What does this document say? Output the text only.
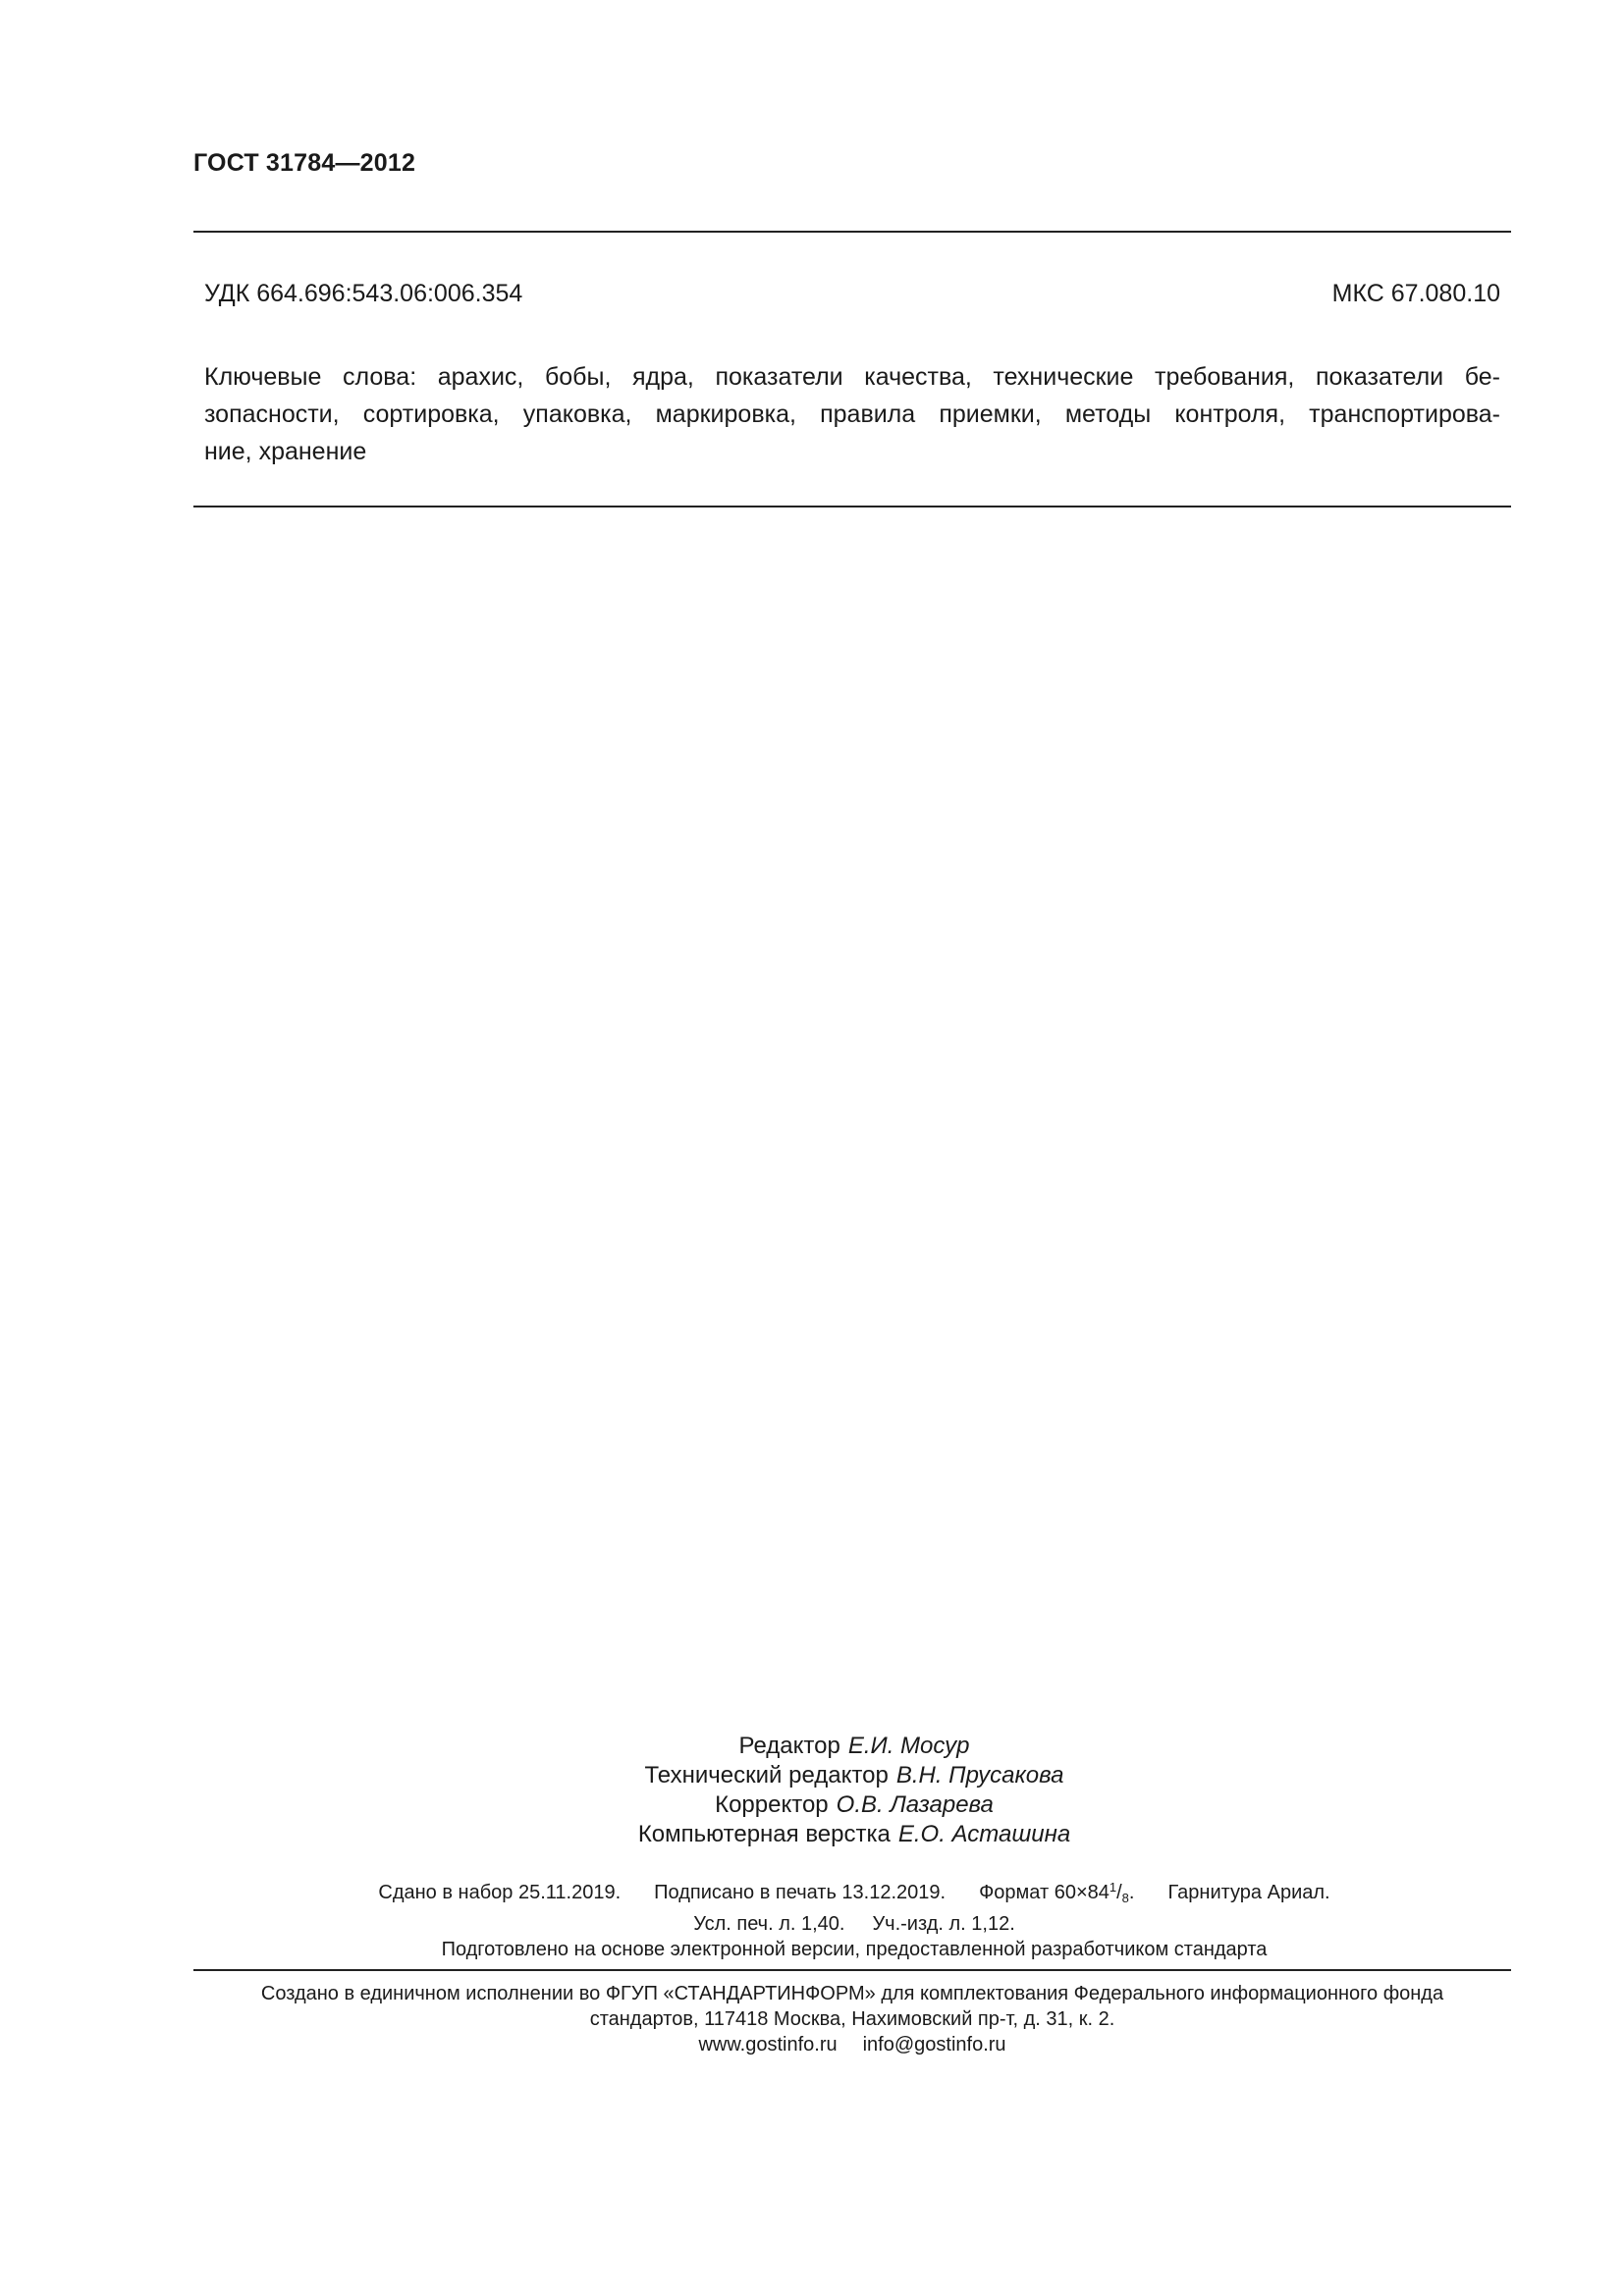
ГОСТ 31784—2012
УДК 664.696:543.06:006.354	МКС 67.080.10
Ключевые слова: арахис, бобы, ядра, показатели качества, технические требования, показатели бе-
зопасности, сортировка, упаковка, маркировка, правила приемки, методы контроля, транспортирова-
ние, хранение
Редактор Е.И. Мосур
Технический редактор В.Н. Прусакова
Корректор О.В. Лазарева
Компьютерная верстка Е.О. Асташина
Сдано в набор 25.11.2019. Подписано в печать 13.12.2019. Формат $60\times 84^1/_8$. Гарнитура Ариал.
Усл. печ. л. 1,40. Уч.-изд. л. 1,12.
Подготовлено на основе электронной версии, предоставленной разработчиком стандарта
Создано в единичном исполнении во ФГУП «СТАНДАРТИНФОРМ» для комплектования Федерального информационного фонда
стандартов, 117418 Москва, Нахимовский пр-т, д. 31, к. 2.
www.gostinfo.ru info@gostinfo.ru
